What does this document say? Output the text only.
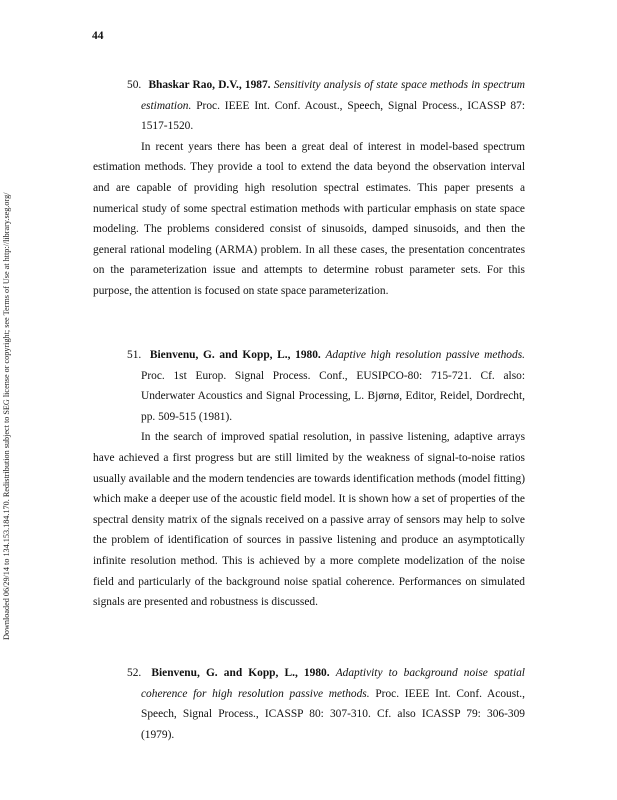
44
Downloaded 06/29/14 to 134.153.184.170. Redistribution subject to SEG license or copyright; see Terms of Use at http://library.seg.org/

50. Bhaskar Rao, D.V., 1987. Sensitivity analysis of state space methods in spectrum estimation. Proc. IEEE Int. Conf. Acoust., Speech, Signal Process., ICASSP 87: 1517-1520.

In recent years there has been a great deal of interest in model-based spectrum estimation methods. They provide a tool to extend the data beyond the observation interval and are capable of providing high resolution spectral estimates. This paper presents a numerical study of some spectral estimation methods with particular emphasis on state space modeling. The problems considered consist of sinusoids, damped sinusoids, and then the general rational modeling (ARMA) problem. In all these cases, the presentation concentrates on the parameterization issue and attempts to determine robust parameter sets. For this purpose, the attention is focused on state space parameterization.

51. Bienvenu, G. and Kopp, L., 1980. Adaptive high resolution passive methods. Proc. 1st Europ. Signal Process. Conf., EUSIPCO-80: 715-721. Cf. also: Underwater Acoustics and Signal Processing, L. Bjørnø, Editor, Reidel, Dordrecht, pp. 509-515 (1981).

In the search of improved spatial resolution, in passive listening, adaptive arrays have achieved a first progress but are still limited by the weakness of signal-to-noise ratios usually available and the modern tendencies are towards identification methods (model fitting) which make a deeper use of the acoustic field model. It is shown how a set of properties of the spectral density matrix of the signals received on a passive array of sensors may help to solve the problem of identification of sources in passive listening and produce an asymptotically infinite resolution method. This is achieved by a more complete modelization of the noise field and particularly of the background noise spatial coherence. Performances on simulated signals are presented and robustness is discussed.

52. Bienvenu, G. and Kopp, L., 1980. Adaptivity to background noise spatial coherence for high resolution passive methods. Proc. IEEE Int. Conf. Acoust., Speech, Signal Process., ICASSP 80: 307-310. Cf. also ICASSP 79: 306-309 (1979).
